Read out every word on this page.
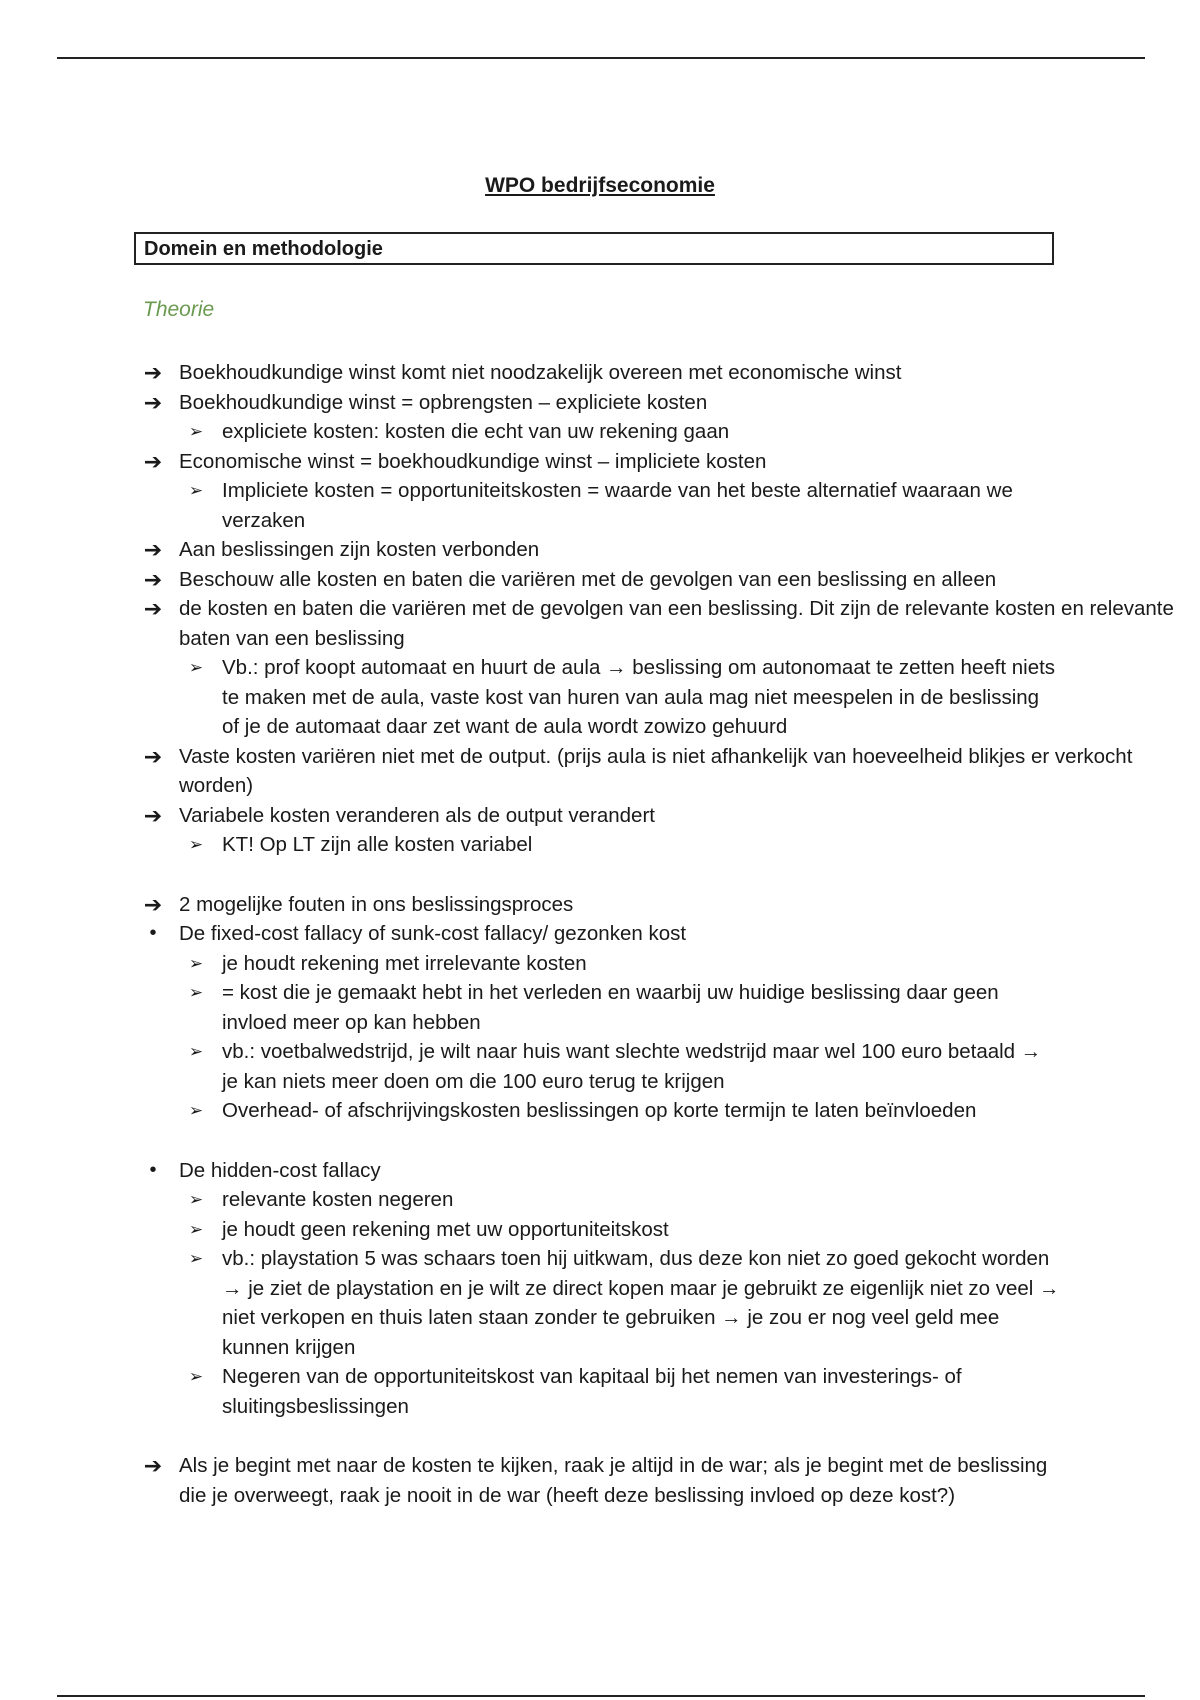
WPO bedrijfseconomie
Domein en methodologie
Theorie
➔ Boekhoudkundige winst komt niet noodzakelijk overeen met economische winst
➔ Boekhoudkundige winst = opbrengsten – expliciete kosten
➢ expliciete kosten: kosten die echt van uw rekening gaan
➔ Economische winst = boekhoudkundige winst – impliciete kosten
➢ Impliciete kosten = opportuniteitskosten = waarde van het beste alternatief waaraan we verzaken
➔ Aan beslissingen zijn kosten verbonden
➔ Beschouw alle kosten en baten die variëren met de gevolgen van een beslissing en alleen
➔ de kosten en baten die variëren met de gevolgen van een beslissing. Dit zijn de relevante kosten en relevante baten van een beslissing
➢ Vb.: prof koopt automaat en huurt de aula → beslissing om autonomaat te zetten heeft niets te maken met de aula, vaste kost van huren van aula mag niet meespelen in de beslissing of je de automaat daar zet want de aula wordt zowizo gehuurd
➔ Vaste kosten variëren niet met de output. (prijs aula is niet afhankelijk van hoeveelheid blikjes er verkocht worden)
➔ Variabele kosten veranderen als de output verandert
➢ KT! Op LT zijn alle kosten variabel
➔ 2 mogelijke fouten in ons beslissingsproces
•	De fixed-cost fallacy of sunk-cost fallacy/ gezonken kost
➢ je houdt rekening met irrelevante kosten
➢ = kost die je gemaakt hebt in het verleden en waarbij uw huidige beslissing daar geen invloed meer op kan hebben
➢ vb.: voetbalwedstrijd, je wilt naar huis want slechte wedstrijd maar wel 100 euro betaald → je kan niets meer doen om die 100 euro terug te krijgen
➢ Overhead- of afschrijvingskosten beslissingen op korte termijn te laten beïnvloeden
•	De hidden-cost fallacy
➢ relevante kosten negeren
➢ je houdt geen rekening met uw opportuniteitskost
➢ vb.: playstation 5 was schaars toen hij uitkwam, dus deze kon niet zo goed gekocht worden → je ziet de playstation en je wilt ze direct kopen maar je gebruikt ze eigenlijk niet zo veel → niet verkopen en thuis laten staan zonder te gebruiken → je zou er nog veel geld mee kunnen krijgen
➢ Negeren van de opportuniteitskost van kapitaal bij het nemen van investerings- of sluitingsbeslissingen
➔ Als je begint met naar de kosten te kijken, raak je altijd in de war; als je begint met de beslissing die je overweegt, raak je nooit in de war (heeft deze beslissing invloed op deze kost?)
